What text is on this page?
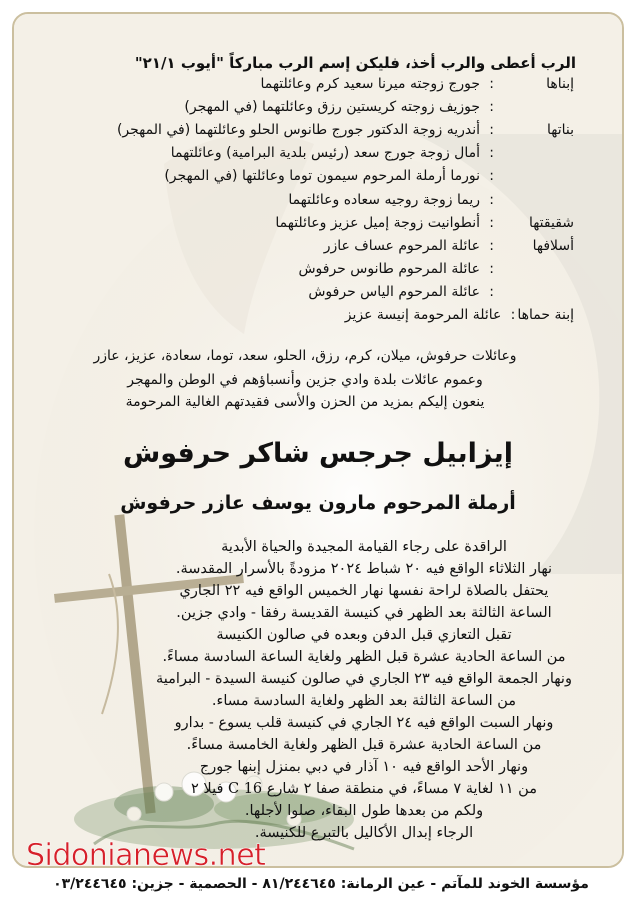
الرب أعطى والرب أخذ، فليكن إسم الرب مباركاً "أيوب ٢١/١"
إبناها
:
جورج زوجته ميرنا سعيد كرم وعائلتهما
:
جوزيف زوجته كريستين رزق وعائلتهما (في المهجر)
بناتها
:
أندريه زوجة الدكتور جورج طانوس الحلو وعائلتهما (في المهجر)
:
أمال زوجة جورج سعد (رئيس بلدية البرامية) وعائلتهما
:
نورما أرملة المرحوم سيمون توما وعائلتها (في المهجر)
:
ريما زوجة روجيه سعاده وعائلتهما
شقيقتها
:
أنطوانيت زوجة إميل عزيز وعائلتهما
أسلافها
:
عائلة المرحوم عساف عازر
:
عائلة المرحوم طانوس حرفوش
:
عائلة المرحوم الياس حرفوش
إبنة حماها
:
عائلة المرحومة إنيسة عزيز
وعائلات حرفوش، ميلان، كرم، رزق، الحلو، سعد، توما، سعادة، عزيز، عازر
وعموم عائلات بلدة وادي جزين وأنسباؤهم في الوطن والمهجر
ينعون إليكم بمزيد من الحزن والأسى فقيدتهم الغالية المرحومة
إيزابيل جرجس شاكر حرفوش
أرملة المرحوم مارون يوسف عازر حرفوش
الراقدة على رجاء القيامة المجيدة والحياة الأبدية
نهار الثلاثاء الواقع فيه ٢٠ شباط ٢٠٢٤ مزودةً بالأسرار المقدسة.
يحتفل بالصلاة لراحة نفسها نهار الخميس الواقع فيه ٢٢ الجاري
الساعة الثالثة بعد الظهر في كنيسة القديسة رفقا - وادي جزين.
تقبل التعازي قبل الدفن وبعده في صالون الكنيسة
من الساعة الحادية عشرة قبل الظهر ولغاية الساعة السادسة مساءً.
ونهار الجمعة الواقع فيه ٢٣ الجاري في صالون كنيسة السيدة - البرامية
من الساعة الثالثة بعد الظهر ولغاية السادسة مساء.
ونهار السبت الواقع فيه ٢٤ الجاري في كنيسة قلب يسوع - بدارو
من الساعة الحادية عشرة قبل الظهر ولغاية الخامسة مساءً.
ونهار الأحد الواقع فيه ١٠ آذار في دبي بمنزل إبنها جورج
من ١١ لغاية ٧ مساءً، في منطقة صفا ٢ شارع C 16 فيلا ٢
ولكم من بعدها طول البقاء، صلوا لأجلها.
الرجاء إبدال الأكاليل بالتبرع للكنيسة.
Sidonianews.net
مؤسسة الخوند للمآتم - عين الرمانة: ٨١/٢٤٤٦٤٥ - الحصمية - جزين: ٠٣/٢٤٤٦٤٥
